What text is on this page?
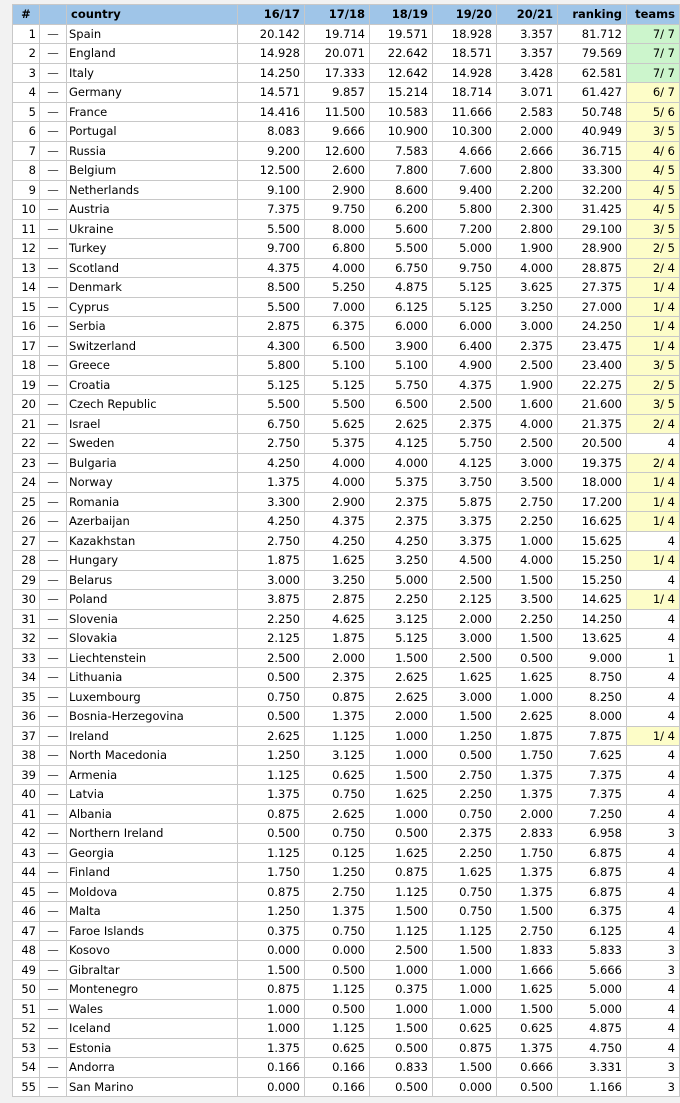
#		country	16/17	17/18	18/19	19/20	20/21	ranking	teams
1	—	Spain	20.142	19.714	19.571	18.928	3.357	81.712	7/ 7
2	—	England	14.928	20.071	22.642	18.571	3.357	79.569	7/ 7
3	—	Italy	14.250	17.333	12.642	14.928	3.428	62.581	7/ 7
4	—	Germany	14.571	9.857	15.214	18.714	3.071	61.427	6/ 7
5	—	France	14.416	11.500	10.583	11.666	2.583	50.748	5/ 6
6	—	Portugal	8.083	9.666	10.900	10.300	2.000	40.949	3/ 5
7	—	Russia	9.200	12.600	7.583	4.666	2.666	36.715	4/ 6
8	—	Belgium	12.500	2.600	7.800	7.600	2.800	33.300	4/ 5
9	—	Netherlands	9.100	2.900	8.600	9.400	2.200	32.200	4/ 5
10	—	Austria	7.375	9.750	6.200	5.800	2.300	31.425	4/ 5
11	—	Ukraine	5.500	8.000	5.600	7.200	2.800	29.100	3/ 5
12	—	Turkey	9.700	6.800	5.500	5.000	1.900	28.900	2/ 5
13	—	Scotland	4.375	4.000	6.750	9.750	4.000	28.875	2/ 4
14	—	Denmark	8.500	5.250	4.875	5.125	3.625	27.375	1/ 4
15	—	Cyprus	5.500	7.000	6.125	5.125	3.250	27.000	1/ 4
16	—	Serbia	2.875	6.375	6.000	6.000	3.000	24.250	1/ 4
17	—	Switzerland	4.300	6.500	3.900	6.400	2.375	23.475	1/ 4
18	—	Greece	5.800	5.100	5.100	4.900	2.500	23.400	3/ 5
19	—	Croatia	5.125	5.125	5.750	4.375	1.900	22.275	2/ 5
20	—	Czech Republic	5.500	5.500	6.500	2.500	1.600	21.600	3/ 5
21	—	Israel	6.750	5.625	2.625	2.375	4.000	21.375	2/ 4
22	—	Sweden	2.750	5.375	4.125	5.750	2.500	20.500	4
23	—	Bulgaria	4.250	4.000	4.000	4.125	3.000	19.375	2/ 4
24	—	Norway	1.375	4.000	5.375	3.750	3.500	18.000	1/ 4
25	—	Romania	3.300	2.900	2.375	5.875	2.750	17.200	1/ 4
26	—	Azerbaijan	4.250	4.375	2.375	3.375	2.250	16.625	1/ 4
27	—	Kazakhstan	2.750	4.250	4.250	3.375	1.000	15.625	4
28	—	Hungary	1.875	1.625	3.250	4.500	4.000	15.250	1/ 4
29	—	Belarus	3.000	3.250	5.000	2.500	1.500	15.250	4
30	—	Poland	3.875	2.875	2.250	2.125	3.500	14.625	1/ 4
31	—	Slovenia	2.250	4.625	3.125	2.000	2.250	14.250	4
32	—	Slovakia	2.125	1.875	5.125	3.000	1.500	13.625	4
33	—	Liechtenstein	2.500	2.000	1.500	2.500	0.500	9.000	1
34	—	Lithuania	0.500	2.375	2.625	1.625	1.625	8.750	4
35	—	Luxembourg	0.750	0.875	2.625	3.000	1.000	8.250	4
36	—	Bosnia-Herzegovina	0.500	1.375	2.000	1.500	2.625	8.000	4
37	—	Ireland	2.625	1.125	1.000	1.250	1.875	7.875	1/ 4
38	—	North Macedonia	1.250	3.125	1.000	0.500	1.750	7.625	4
39	—	Armenia	1.125	0.625	1.500	2.750	1.375	7.375	4
40	—	Latvia	1.375	0.750	1.625	2.250	1.375	7.375	4
41	—	Albania	0.875	2.625	1.000	0.750	2.000	7.250	4
42	—	Northern Ireland	0.500	0.750	0.500	2.375	2.833	6.958	3
43	—	Georgia	1.125	0.125	1.625	2.250	1.750	6.875	4
44	—	Finland	1.750	1.250	0.875	1.625	1.375	6.875	4
45	—	Moldova	0.875	2.750	1.125	0.750	1.375	6.875	4
46	—	Malta	1.250	1.375	1.500	0.750	1.500	6.375	4
47	—	Faroe Islands	0.375	0.750	1.125	1.125	2.750	6.125	4
48	—	Kosovo	0.000	0.000	2.500	1.500	1.833	5.833	3
49	—	Gibraltar	1.500	0.500	1.000	1.000	1.666	5.666	3
50	—	Montenegro	0.875	1.125	0.375	1.000	1.625	5.000	4
51	—	Wales	1.000	0.500	1.000	1.000	1.500	5.000	4
52	—	Iceland	1.000	1.125	1.500	0.625	0.625	4.875	4
53	—	Estonia	1.375	0.625	0.500	0.875	1.375	4.750	4
54	—	Andorra	0.166	0.166	0.833	1.500	0.666	3.331	3
55	—	San Marino	0.000	0.166	0.500	0.000	0.500	1.166	3
